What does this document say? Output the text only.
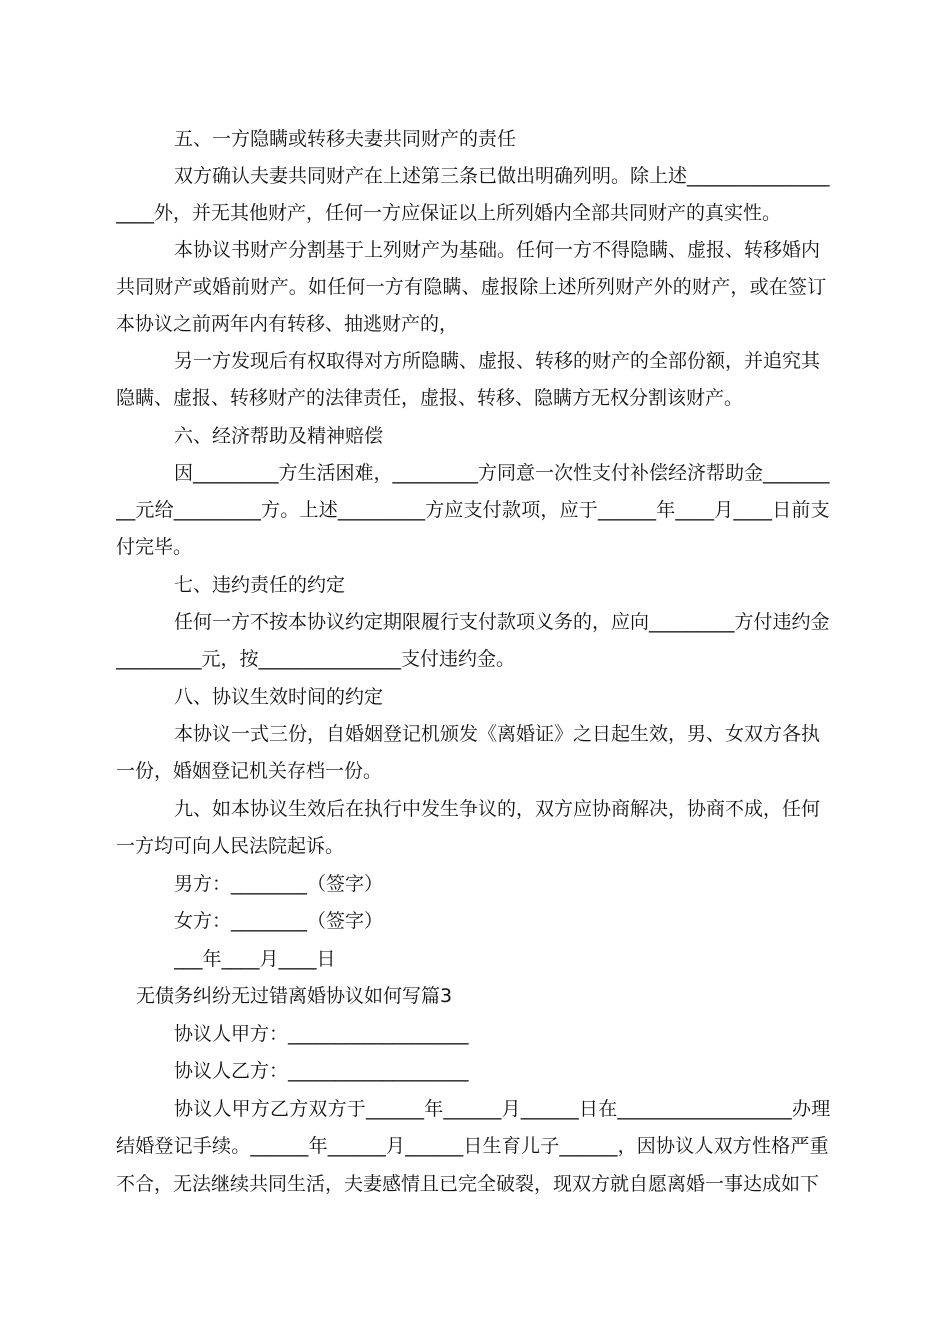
五、一方隐瞒或转移夫妻共同财产的责任
双方确认夫妻共同财产在上述第三条已做出明确列明。除上述_______________
____外，并无其他财产，任何一方应保证以上所列婚内全部共同财产的真实性。
本协议书财产分割基于上列财产为基础。任何一方不得隐瞒、虚报、转移婚内
共同财产或婚前财产。如任何一方有隐瞒、虚报除上述所列财产外的财产，或在签订
本协议之前两年内有转移、抽逃财产的，
另一方发现后有权取得对方所隐瞒、虚报、转移的财产的全部份额，并追究其
隐瞒、虚报、转移财产的法律责任，虚报、转移、隐瞒方无权分割该财产。
六、经济帮助及精神赔偿
因_________方生活困难，_________方同意一次性支付补偿经济帮助金_______
__元给_________方。上述_________方应支付款项，应于______年____月____日前支
付完毕。
七、违约责任的约定
任何一方不按本协议约定期限履行支付款项义务的，应向_________方付违约金
_________元，按_______________支付违约金。
八、协议生效时间的约定
本协议一式三份，自婚姻登记机颁发《离婚证》之日起生效，男、女双方各执
一份，婚姻登记机关存档一份。
九、如本协议生效后在执行中发生争议的，双方应协商解决，协商不成，任何
一方均可向人民法院起诉。
男方：________（签字）
女方：________（签字）
___年____月____日
无债务纠纷无过错离婚协议如何写篇3
协议人甲方：___________________
协议人乙方：___________________
协议人甲方乙方双方于______年______月______日在__________________办理
结婚登记手续。______年______月______日生育儿子______，因协议人双方性格严重
不合，无法继续共同生活，夫妻感情且已完全破裂，现双方就自愿离婚一事达成如下
